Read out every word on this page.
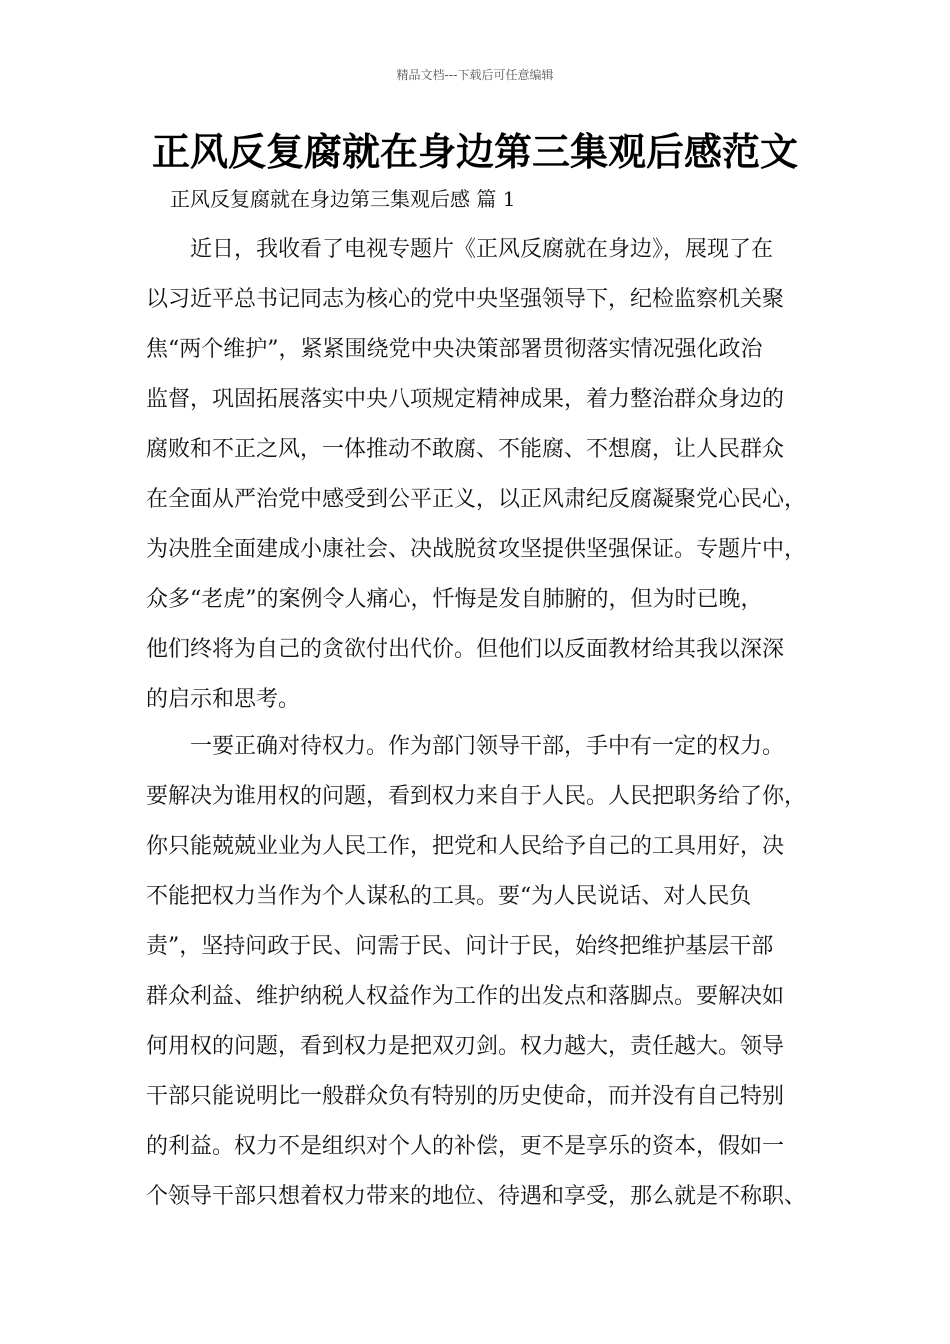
精品文档---下载后可任意编辑
正风反复腐就在身边第三集观后感范文
正风反复腐就在身边第三集观后感 篇 1
近日，我收看了电视专题片《正风反腐就在身边》，展现了在
以习近平总书记同志为核心的党中央坚强领导下，纪检监察机关聚
焦“两个维护”，紧紧围绕党中央决策部署贯彻落实情况强化政治
监督，巩固拓展落实中央八项规定精神成果，着力整治群众身边的
腐败和不正之风，一体推动不敢腐、不能腐、不想腐，让人民群众
在全面从严治党中感受到公平正义，以正风肃纪反腐凝聚党心民心，
为决胜全面建成小康社会、决战脱贫攻坚提供坚强保证。专题片中，
众多“老虎”的案例令人痛心，忏悔是发自肺腑的，但为时已晚，
他们终将为自己的贪欲付出代价。但他们以反面教材给其我以深深
的启示和思考。
一要正确对待权力。作为部门领导干部，手中有一定的权力。
要解决为谁用权的问题，看到权力来自于人民。人民把职务给了你，
你只能兢兢业业为人民工作，把党和人民给予自己的工具用好，决
不能把权力当作为个人谋私的工具。要“为人民说话、对人民负
责”，坚持问政于民、问需于民、问计于民，始终把维护基层干部
群众利益、维护纳税人权益作为工作的出发点和落脚点。要解决如
何用权的问题，看到权力是把双刃剑。权力越大，责任越大。领导
干部只能说明比一般群众负有特别的历史使命，而并没有自己特别
的利益。权力不是组织对个人的补偿，更不是享乐的资本，假如一
个领导干部只想着权力带来的地位、待遇和享受，那么就是不称职、
